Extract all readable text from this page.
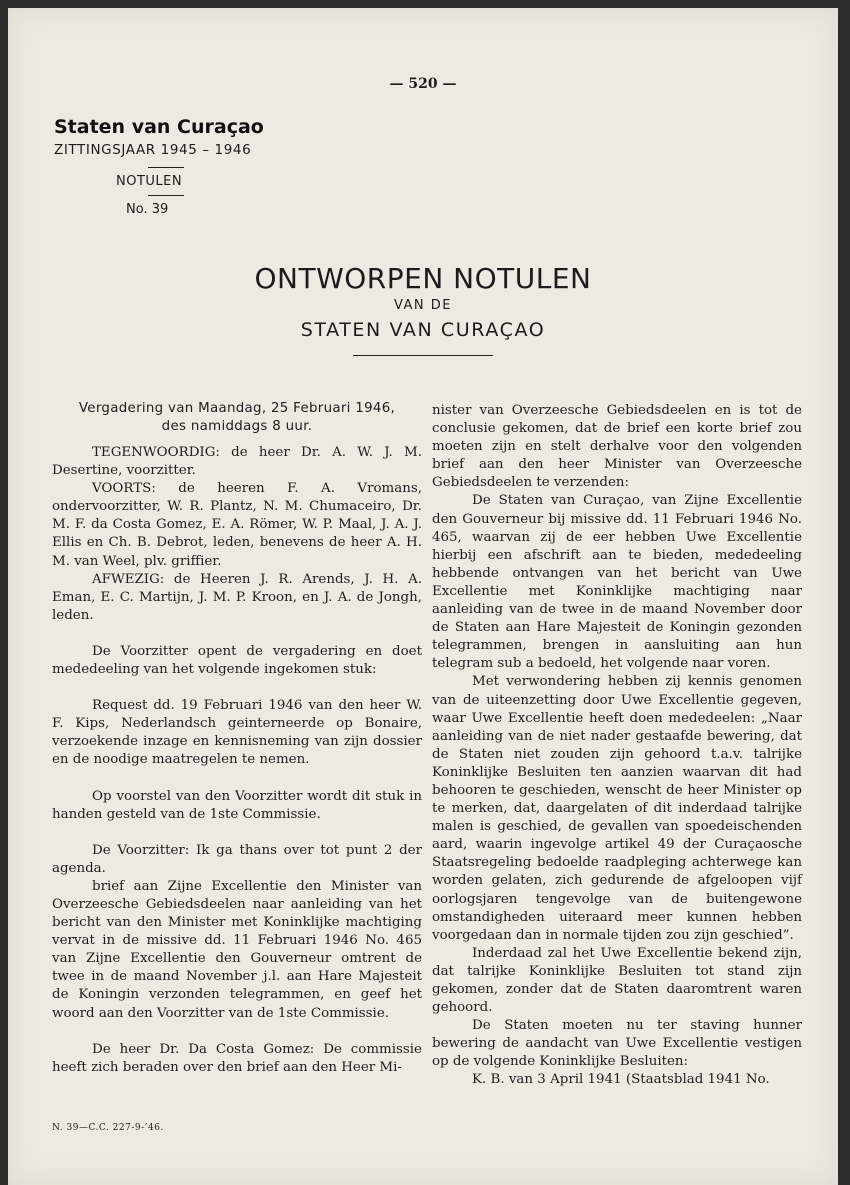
— 520 —
Staten van Curaçao
ZITTINGSJAAR 1945 – 1946
NOTULEN
No. 39
ONTWORPEN NOTULEN
VAN DE
STATEN VAN CURAÇAO
Vergadering van Maandag, 25 Februari 1946,
des namiddags 8 uur.

TEGENWOORDIG: de heer Dr. A. W. J. M. Desertine, voorzitter.

VOORTS: de heeren F. A. Vromans, ondervoorzitter, W. R. Plantz, N. M. Chumaceiro, Dr. M. F. da Costa Gomez, E. A. Römer, W. P. Maal, J. A. J. Ellis en Ch. B. Debrot, leden, benevens de heer A. H. M. van Weel, plv. griffier.

AFWEZIG: de Heeren J. R. Arends, J. H. A. Eman, E. C. Martijn, J. M. P. Kroon, en J. A. de Jongh, leden.

De Voorzitter opent de vergadering en doet mededeeling van het volgende ingekomen stuk:

Request dd. 19 Februari 1946 van den heer W. F. Kips, Nederlandsch geinterneerde op Bonaire, verzoekende inzage en kennisneming van zijn dossier en de noodige maatregelen te nemen.

Op voorstel van den Voorzitter wordt dit stuk in handen gesteld van de 1ste Commissie.

De Voorzitter: Ik ga thans over tot punt 2 der agenda.

brief aan Zijne Excellentie den Minister van Overzeesche Gebiedsdeelen naar aanleiding van het bericht van den Minister met Koninklijke machtiging vervat in de missive dd. 11 Februari 1946 No. 465 van Zijne Excellentie den Gouverneur omtrent de twee in de maand November j.l. aan Hare Majesteit de Koningin verzonden telegrammen, en geef het woord aan den Voorzitter van de 1ste Commissie.

De heer Dr. Da Costa Gomez: De commissie heeft zich beraden over den brief aan den Heer Mi-

nister van Overzeesche Gebiedsdeelen en is tot de conclusie gekomen, dat de brief een korte brief zou moeten zijn en stelt derhalve voor den volgenden brief aan den heer Minister van Overzeesche Gebiedsdeelen te verzenden:

De Staten van Curaçao, van Zijne Excellentie den Gouverneur bij missive dd. 11 Februari 1946 No. 465, waarvan zij de eer hebben Uwe Excellentie hierbij een afschrift aan te bieden, mededeeling hebbende ontvangen van het bericht van Uwe Excellentie met Koninklijke machtiging naar aanleiding van de twee in de maand November door de Staten aan Hare Majesteit de Koningin gezonden telegrammen, brengen in aansluiting aan hun telegram sub a bedoeld, het volgende naar voren.

Met verwondering hebben zij kennis genomen van de uiteenzetting door Uwe Excellentie gegeven, waar Uwe Excellentie heeft doen mededeelen: „Naar aanleiding van de niet nader gestaafde bewering, dat de Staten niet zouden zijn gehoord t.a.v. talrijke Koninklijke Besluiten ten aanzien waarvan dit had behooren te geschieden, wenscht de heer Minister op te merken, dat, daargelaten of dit inderdaad talrijke malen is geschied, de gevallen van spoedeischenden aard, waarin ingevolge artikel 49 der Curaçaosche Staatsregeling bedoelde raadpleging achterwege kan worden gelaten, zich gedurende de afgeloopen vijf oorlogsjaren tengevolge van de buitengewone omstandigheden uiteraard meer kunnen hebben voorgedaan dan in normale tijden zou zijn geschied”.

Inderdaad zal het Uwe Excellentie bekend zijn, dat talrijke Koninklijke Besluiten tot stand zijn gekomen, zonder dat de Staten daaromtrent waren gehoord.

De Staten moeten nu ter staving hunner bewering de aandacht van Uwe Excellentie vestigen op de volgende Koninklijke Besluiten:

K. B. van 3 April 1941 (Staatsblad 1941 No.

N. 39—C.C. 227-9-’46.
